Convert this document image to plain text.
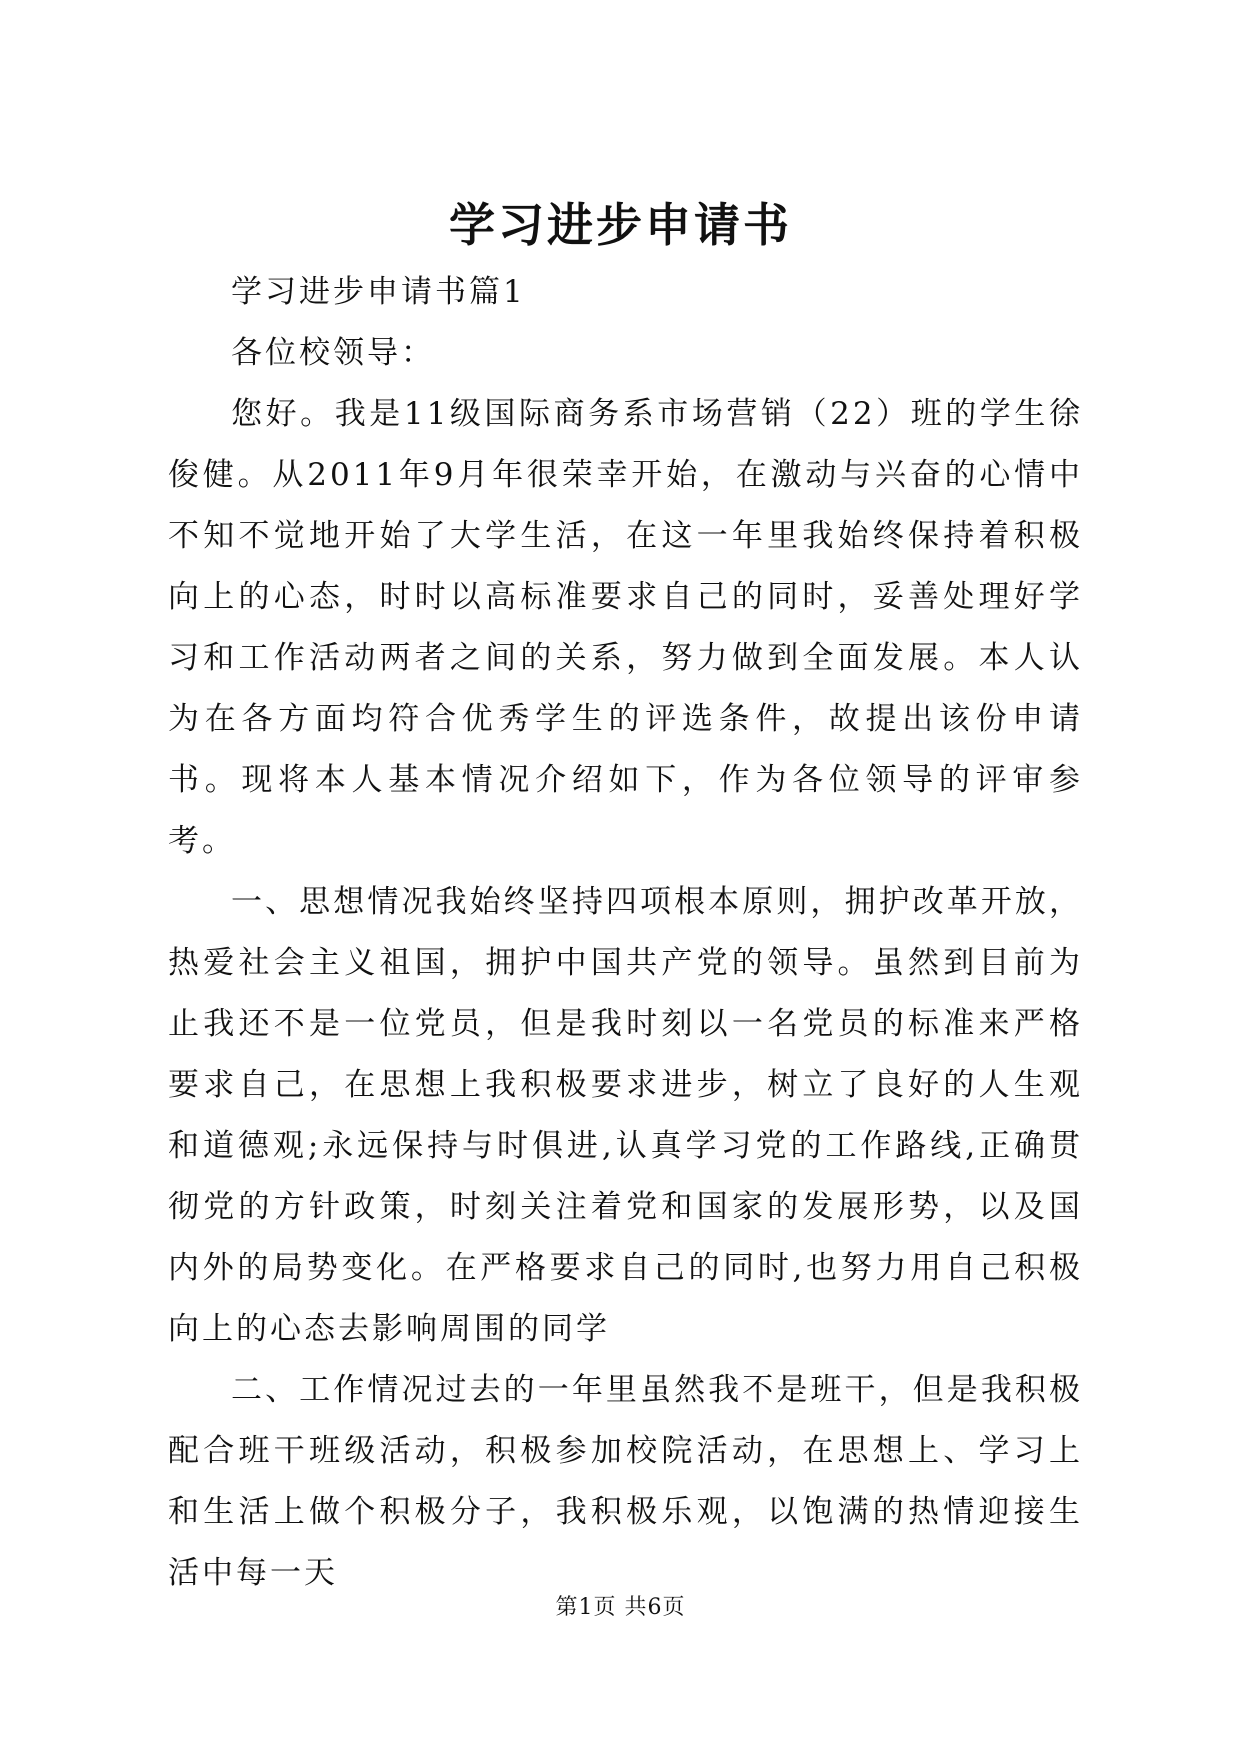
学习进步申请书

学习进步申请书篇1

各位校领导：

您好。我是11级国际商务系市场营销（22）班的学生徐俊健。从2011年9月年很荣幸开始，在激动与兴奋的心情中不知不觉地开始了大学生活，在这一年里我始终保持着积极向上的心态，时时以高标准要求自己的同时，妥善处理好学习和工作活动两者之间的关系，努力做到全面发展。本人认为在各方面均符合优秀学生的评选条件，故提出该份申请书。现将本人基本情况介绍如下，作为各位领导的评审参考。

一、思想情况我始终坚持四项根本原则，拥护改革开放，热爱社会主义祖国，拥护中国共产党的领导。虽然到目前为止我还不是一位党员，但是我时刻以一名党员的标准来严格要求自己，在思想上我积极要求进步，树立了良好的人生观和道德观;永远保持与时俱进,认真学习党的工作路线,正确贯彻党的方针政策，时刻关注着党和国家的发展形势，以及国内外的局势变化。在严格要求自己的同时,也努力用自己积极向上的心态去影响周围的同学

二、工作情况过去的一年里虽然我不是班干，但是我积极配合班干班级活动，积极参加校院活动，在思想上、学习上和生活上做个积极分子，我积极乐观，以饱满的热情迎接生活中每一天

第1页 共6页
